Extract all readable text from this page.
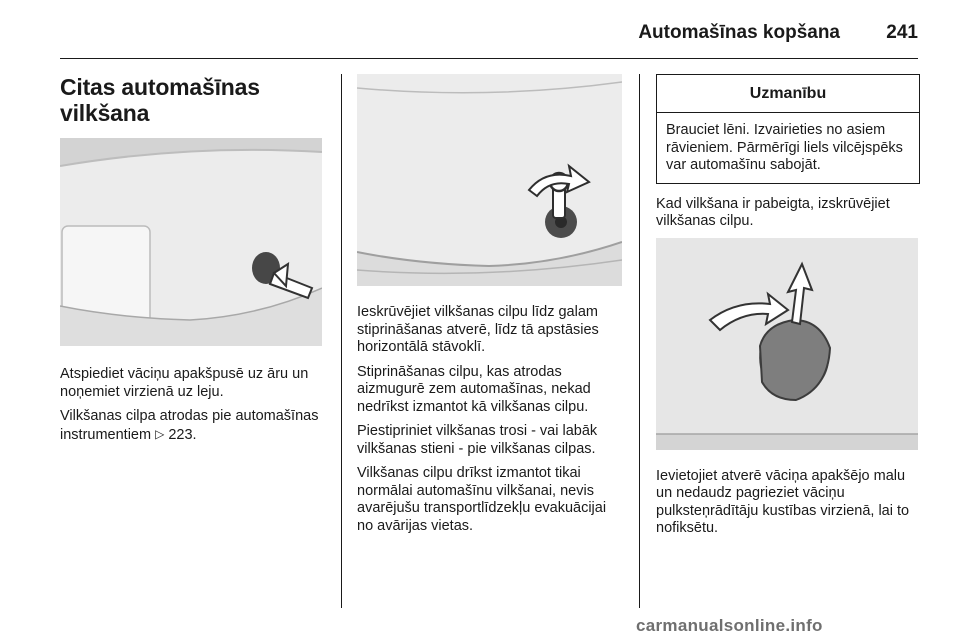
Automašīnas kopšana 241
Citas automašīnas
vilkšana

Atspiediet vāciņu apakšpusē uz āru un noņemiet virzienā uz leju.

Vilkšanas cilpa atrodas pie automašīnas instrumentiem ▷ 223.

Ieskrūvējiet vilkšanas cilpu līdz galam stiprināšanas atverē, līdz tā apstāsies horizontālā stāvoklī.

Stiprināšanas cilpu, kas atrodas aizmugurē zem automašīnas, nekad nedrīkst izmantot kā vilkšanas cilpu.

Piestipriniet vilkšanas trosi - vai labāk vilkšanas stieni - pie vilkšanas cilpas.

Vilkšanas cilpu drīkst izmantot tikai normālai automašīnu vilkšanai, nevis avarējušu transportlīdzekļu evakuācijai no avārijas vietas.

Uzmanību
Brauciet lēni. Izvairieties no asiem rāvieniem. Pārmērīgi liels vilcējspēks var automašīnu sabojāt.

Kad vilkšana ir pabeigta, izskrūvējiet vilkšanas cilpu.

Ievietojiet atverē vāciņa apakšējo malu un nedaudz pagrieziet vāciņu pulksteņrādītāju kustības virzienā, lai to nofiksētu.

carmanualsonline.info
